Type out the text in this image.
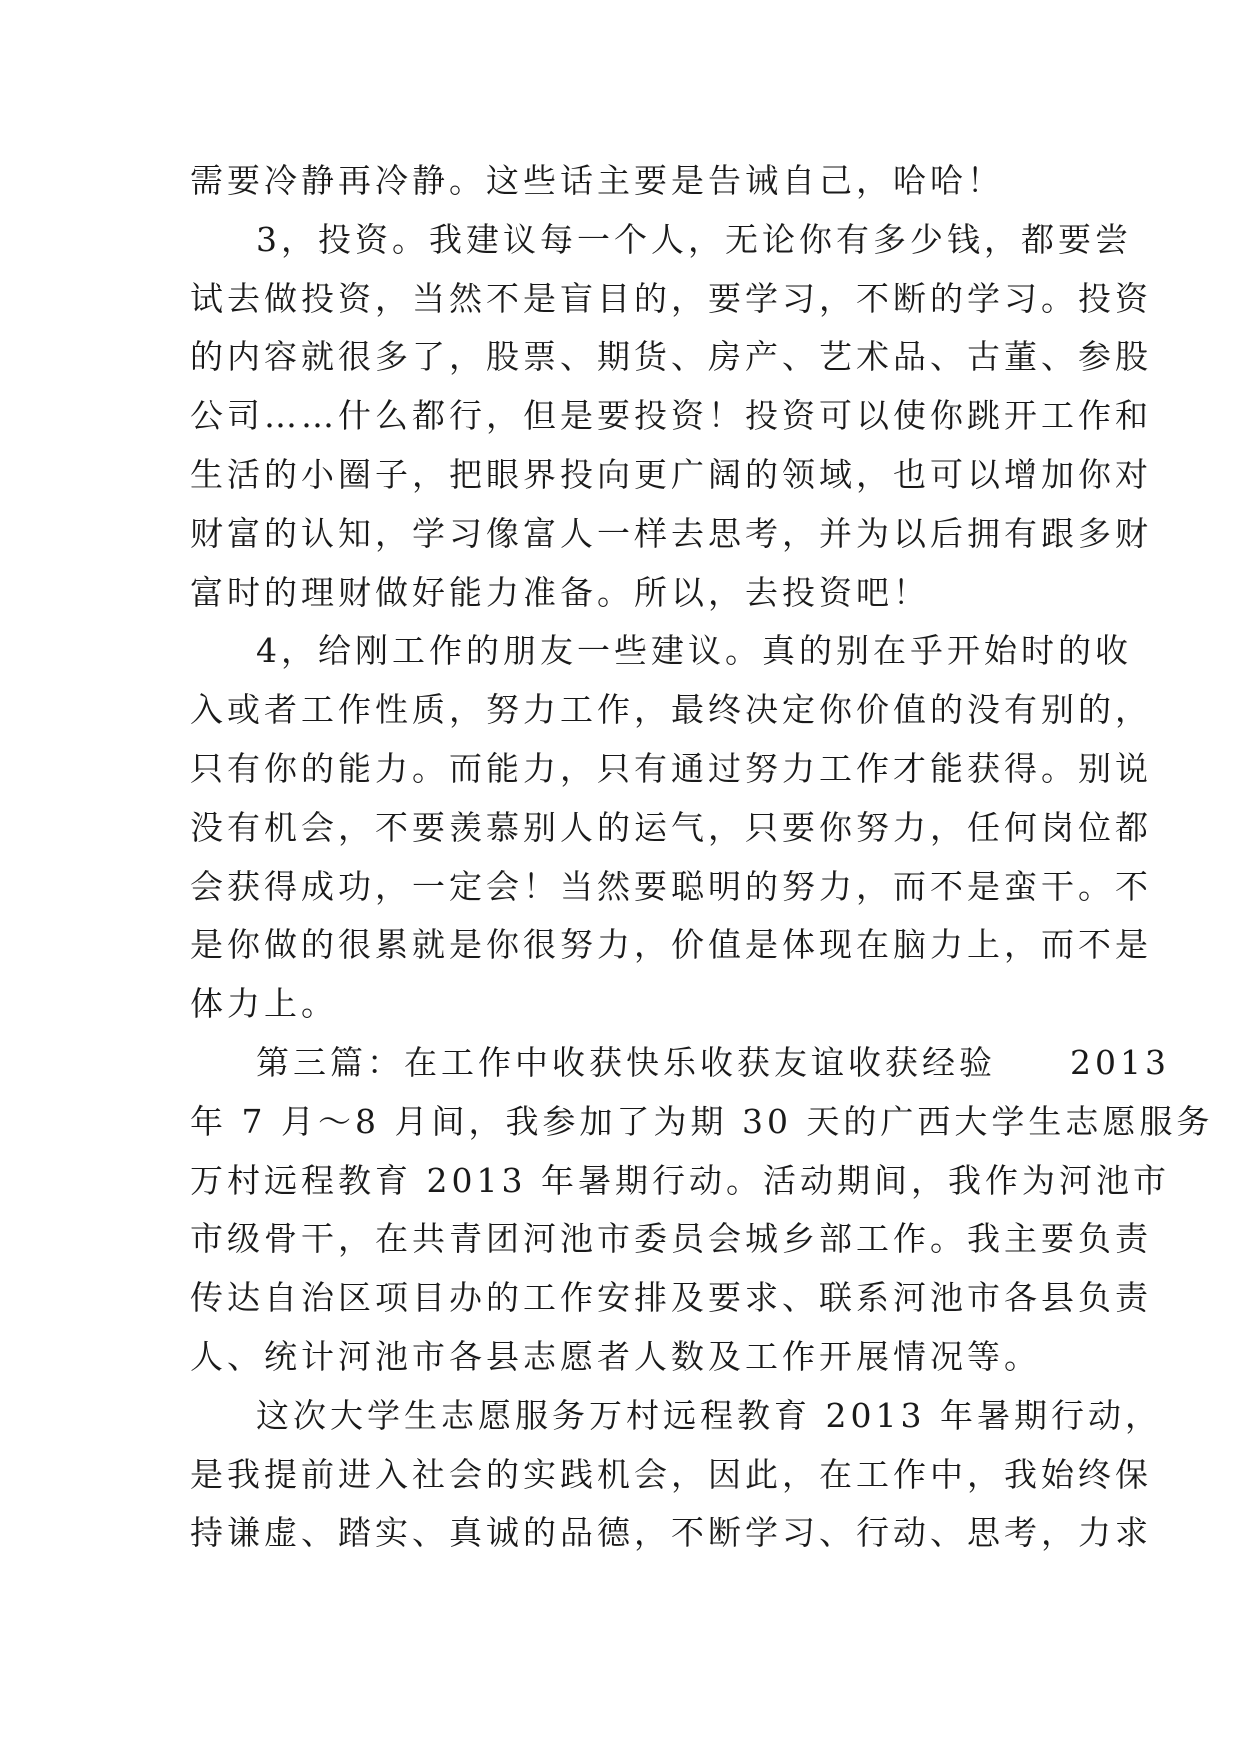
需要冷静再冷静。这些话主要是告诫自己，哈哈！
3，投资。我建议每一个人，无论你有多少钱，都要尝
试去做投资，当然不是盲目的，要学习，不断的学习。投资
的内容就很多了，股票、期货、房产、艺术品、古董、参股
公司……什么都行，但是要投资！投资可以使你跳开工作和
生活的小圈子，把眼界投向更广阔的领域，也可以增加你对
财富的认知，学习像富人一样去思考，并为以后拥有跟多财
富时的理财做好能力准备。所以，去投资吧！
4，给刚工作的朋友一些建议。真的别在乎开始时的收
入或者工作性质，努力工作，最终决定你价值的没有别的，
只有你的能力。而能力，只有通过努力工作才能获得。别说
没有机会，不要羡慕别人的运气，只要你努力，任何岗位都
会获得成功，一定会！当然要聪明的努力，而不是蛮干。不
是你做的很累就是你很努力，价值是体现在脑力上，而不是
体力上。
第三篇：在工作中收获快乐收获友谊收获经验　　2013
年 7 月～8 月间，我参加了为期 30 天的广西大学生志愿服务
万村远程教育 2013 年暑期行动。活动期间，我作为河池市
市级骨干，在共青团河池市委员会城乡部工作。我主要负责
传达自治区项目办的工作安排及要求、联系河池市各县负责
人、统计河池市各县志愿者人数及工作开展情况等。
这次大学生志愿服务万村远程教育 2013 年暑期行动，
是我提前进入社会的实践机会，因此，在工作中，我始终保
持谦虚、踏实、真诚的品德，不断学习、行动、思考，力求
